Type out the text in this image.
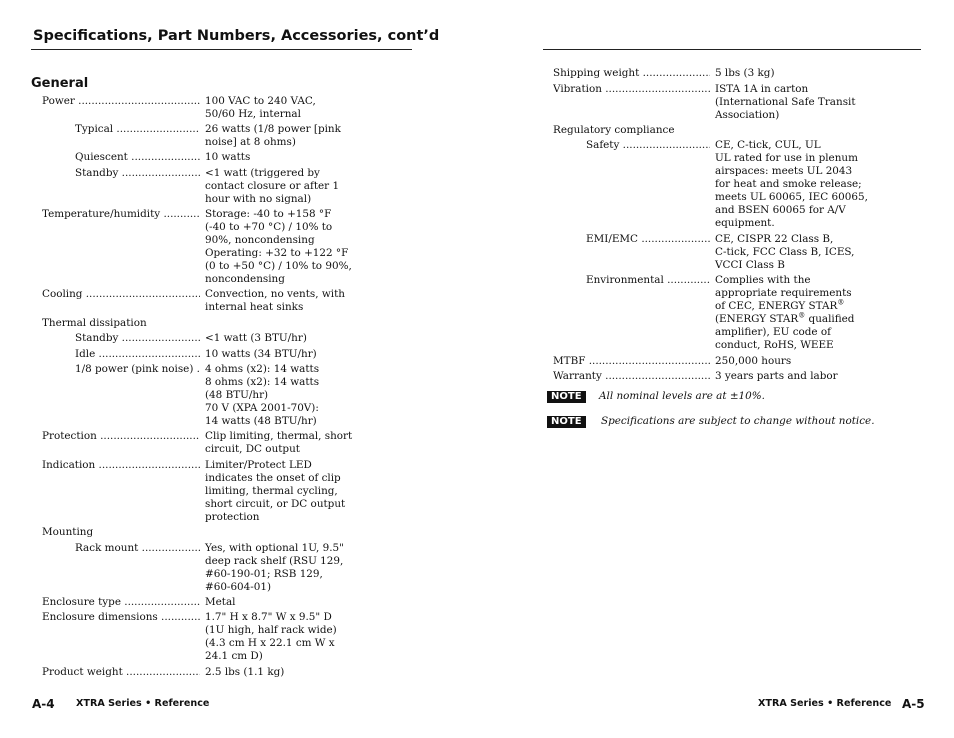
Specifications, Part Numbers, Accessories, cont’d
General
Power .....	100 VAC to 240 VAC,
50/60 Hz, internal
Typical .....	26 watts (1/8 power [pink
noise] at 8 ohms)
Quiescent .....	10 watts
Standby .....	<1 watt (triggered by
contact closure or after 1
hour with no signal)
Temperature/humidity .....	Storage: -40 to +158 °F
(-40 to +70 °C) / 10% to
90%, noncondensing
Operating: +32 to +122 °F
(0 to +50 °C) / 10% to 90%,
noncondensing
Cooling .....	Convection, no vents, with
internal heat sinks
Thermal dissipation
Standby .....	<1 watt (3 BTU/hr)
Idle .....	10 watts (34 BTU/hr)
1/8 power (pink noise) .....	4 ohms (x2): 14 watts
8 ohms (x2): 14 watts
(48 BTU/hr)
70 V (XPA 2001-70V):
14 watts (48 BTU/hr)
Protection .....	Clip limiting, thermal, short
circuit, DC output
Indication .....	Limiter/Protect LED
indicates the onset of clip
limiting, thermal cycling,
short circuit, or DC output
protection
Mounting
Rack mount .....	Yes, with optional 1U, 9.5"
deep rack shelf (RSU 129,
#60-190-01; RSB 129,
#60-604-01)
Enclosure type .....	Metal
Enclosure dimensions .....	1.7" H x 8.7" W x 9.5" D
(1U high, half rack wide)
(4.3 cm H x 22.1 cm W x
24.1 cm D)
Product weight .....	2.5 lbs (1.1 kg)
Shipping weight .....	5 lbs (3 kg)
Vibration .....	ISTA 1A in carton
(International Safe Transit
Association)
Regulatory compliance
Safety .....	CE, C-tick, CUL, UL
UL rated for use in plenum
airspaces: meets UL 2043
for heat and smoke release;
meets UL 60065, IEC 60065,
and BSEN 60065 for A/V
equipment.
EMI/EMC .....	CE, CISPR 22 Class B,
C-tick, FCC Class B, ICES,
VCCI Class B
Environmental .....	Complies with the
appropriate requirements
of CEC, ENERGY STAR®
(ENERGY STAR® qualified
amplifier), EU code of
conduct, RoHS, WEEE
MTBF .....	250,000 hours
Warranty .....	3 years parts and labor
NOTE	All nominal levels are at ±10%.
NOTE	Specifications are subject to change without notice.
A-4 XTRA Series • Reference	XTRA Series • Reference A-5
